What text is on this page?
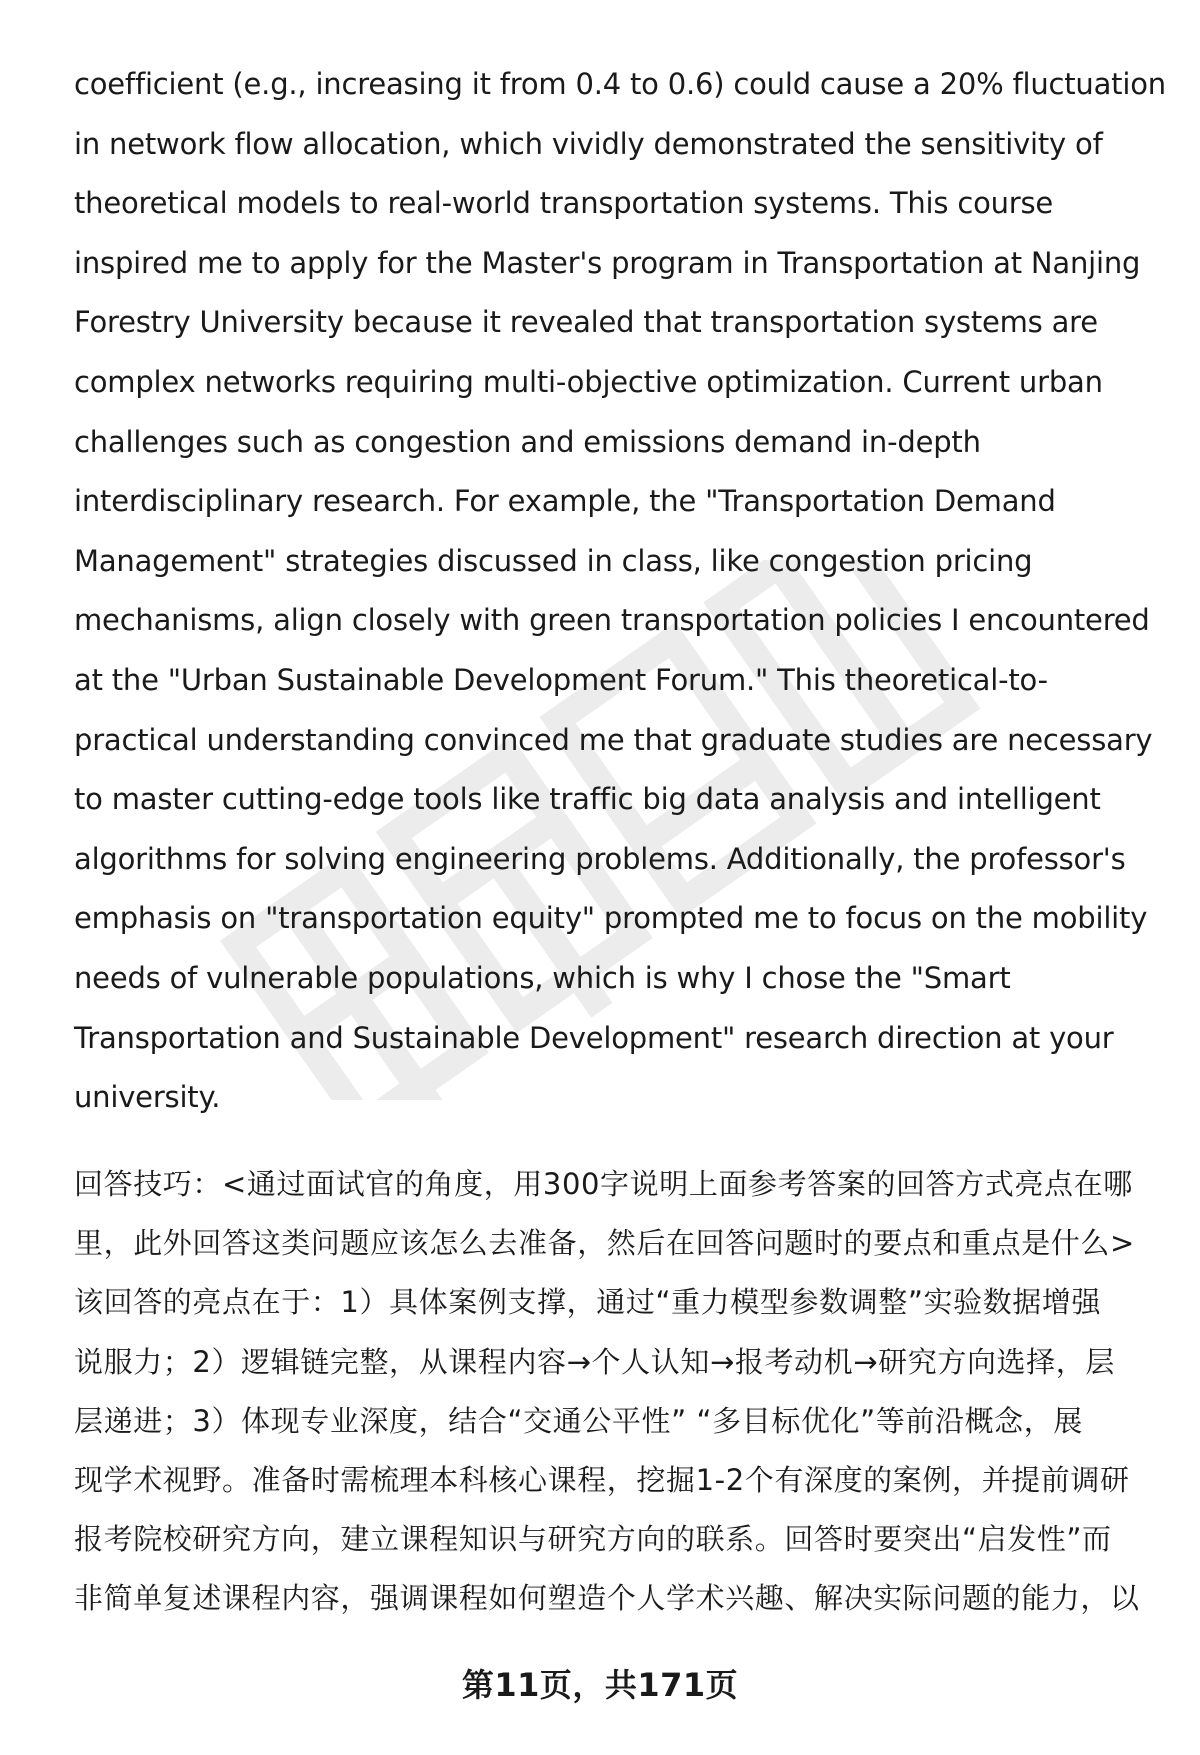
coefficient (e.g., increasing it from 0.4 to 0.6) could cause a 20% fluctuation
in network flow allocation, which vividly demonstrated the sensitivity of
theoretical models to real-world transportation systems. This course
inspired me to apply for the Master's program in Transportation at Nanjing
Forestry University because it revealed that transportation systems are
complex networks requiring multi-objective optimization. Current urban
challenges such as congestion and emissions demand in-depth
interdisciplinary research. For example, the "Transportation Demand
Management" strategies discussed in class, like congestion pricing
mechanisms, align closely with green transportation policies I encountered
at the "Urban Sustainable Development Forum." This theoretical-to-
practical understanding convinced me that graduate studies are necessary
to master cutting-edge tools like traffic big data analysis and intelligent
algorithms for solving engineering problems. Additionally, the professor's
emphasis on "transportation equity" prompted me to focus on the mobility
needs of vulnerable populations, which is why I chose the "Smart
Transportation and Sustainable Development" research direction at your
university.
回答技巧：<通过面试官的角度，用300字说明上面参考答案的回答方式亮点在哪
里，此外回答这类问题应该怎么去准备，然后在回答问题时的要点和重点是什么>
该回答的亮点在于：1）具体案例支撑，通过“重力模型参数调整”实验数据增强
说服力；2）逻辑链完整，从课程内容→个人认知→报考动机→研究方向选择，层
层递进；3）体现专业深度，结合“交通公平性” “多目标优化”等前沿概念，展
现学术视野。准备时需梳理本科核心课程，挖掘1-2个有深度的案例，并提前调研
报考院校研究方向，建立课程知识与研究方向的联系。回答时要突出“启发性”而
非简单复述课程内容，强调课程如何塑造个人学术兴趣、解决实际问题的能力，以
第11页，共171页
